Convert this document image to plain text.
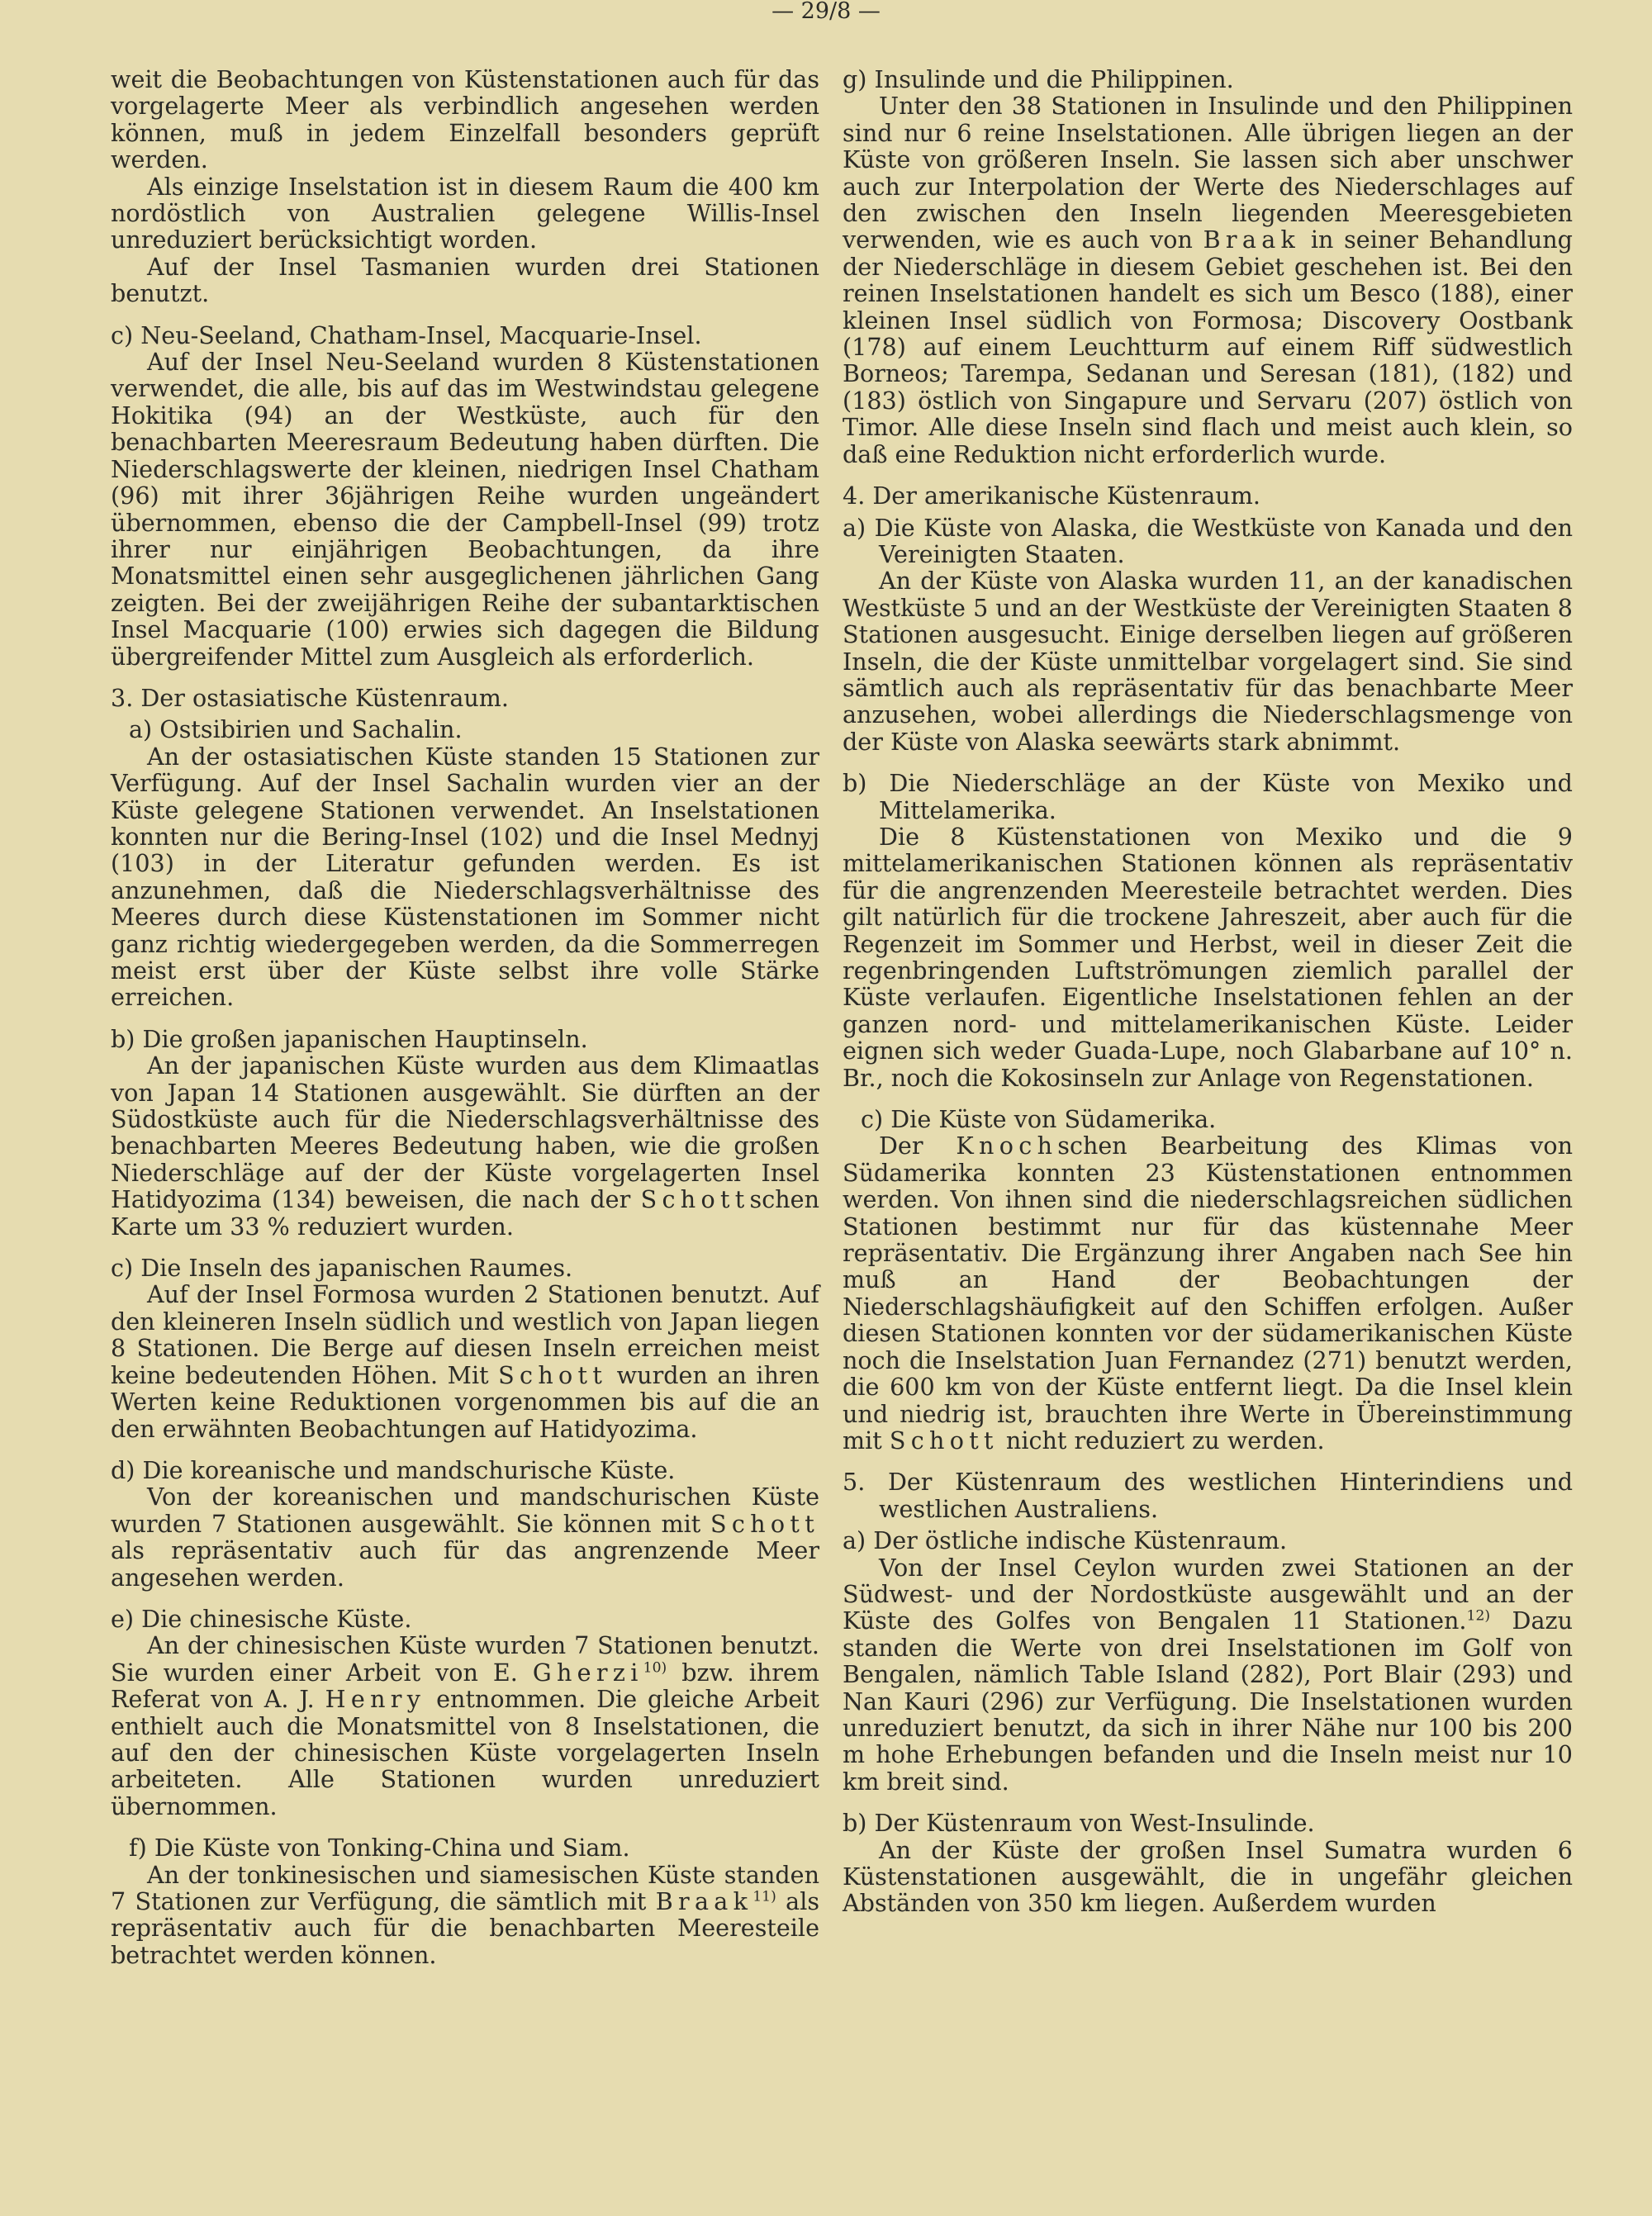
— 29/8 —

weit die Beobachtungen von Küstenstationen auch für das vorgelagerte Meer als verbindlich angesehen werden können, muß in jedem Einzelfall besonders geprüft werden.

Als einzige Inselstation ist in diesem Raum die 400 km nordöstlich von Australien gelegene Willis-Insel unreduziert berücksichtigt worden.

Auf der Insel Tasmanien wurden drei Stationen benutzt.

c) Neu-Seeland, Chatham-Insel, Macquarie-Insel.

Auf der Insel Neu-Seeland wurden 8 Küstenstationen verwendet, die alle, bis auf das im Westwindstau gelegene Hokitika (94) an der Westküste, auch für den benachbarten Meeresraum Bedeutung haben dürften. Die Niederschlagswerte der kleinen, niedrigen Insel Chatham (96) mit ihrer 36jährigen Reihe wurden ungeändert übernommen, ebenso die der Campbell-Insel (99) trotz ihrer nur einjährigen Beobachtungen, da ihre Monatsmittel einen sehr ausgeglichenen jährlichen Gang zeigten. Bei der zweijährigen Reihe der subantarktischen Insel Macquarie (100) erwies sich dagegen die Bildung übergreifender Mittel zum Ausgleich als erforderlich.

3. Der ostasiatische Küstenraum.

a) Ostsibirien und Sachalin.

An der ostasiatischen Küste standen 15 Stationen zur Verfügung. Auf der Insel Sachalin wurden vier an der Küste gelegene Stationen verwendet. An Inselstationen konnten nur die Bering-Insel (102) und die Insel Mednyj (103) in der Literatur gefunden werden. Es ist anzunehmen, daß die Niederschlagsverhältnisse des Meeres durch diese Küstenstationen im Sommer nicht ganz richtig wiedergegeben werden, da die Sommerregen meist erst über der Küste selbst ihre volle Stärke erreichen.

b) Die großen japanischen Hauptinseln.

An der japanischen Küste wurden aus dem Klimaatlas von Japan 14 Stationen ausgewählt. Sie dürften an der Südostküste auch für die Niederschlagsverhältnisse des benachbarten Meeres Bedeutung haben, wie die großen Niederschläge auf der der Küste vorgelagerten Insel Hatidyozima (134) beweisen, die nach der Schottschen Karte um 33 % reduziert wurden.

c) Die Inseln des japanischen Raumes.

Auf der Insel Formosa wurden 2 Stationen benutzt. Auf den kleineren Inseln südlich und westlich von Japan liegen 8 Stationen. Die Berge auf diesen Inseln erreichen meist keine bedeutenden Höhen. Mit Schott wurden an ihren Werten keine Reduktionen vorgenommen bis auf die an den erwähnten Beobachtungen auf Hatidyozima.

d) Die koreanische und mandschurische Küste.

Von der koreanischen und mandschurischen Küste wurden 7 Stationen ausgewählt. Sie können mit Schott als repräsentativ auch für das angrenzende Meer angesehen werden.

e) Die chinesische Küste.

An der chinesischen Küste wurden 7 Stationen benutzt. Sie wurden einer Arbeit von E. Gherzi$^{10)}$ bzw. ihrem Referat von A. J. Henry entnommen. Die gleiche Arbeit enthielt auch die Monatsmittel von 8 Inselstationen, die auf den der chinesischen Küste vorgelagerten Inseln arbeiteten. Alle Stationen wurden unreduziert übernommen.

f) Die Küste von Tonking-China und Siam.

An der tonkinesischen und siamesischen Küste standen 7 Stationen zur Verfügung, die sämtlich mit Braak$^{11)}$ als repräsentativ auch für die benachbarten Meeresteile betrachtet werden können.

g) Insulinde und die Philippinen.

Unter den 38 Stationen in Insulinde und den Philippinen sind nur 6 reine Inselstationen. Alle übrigen liegen an der Küste von größeren Inseln. Sie lassen sich aber unschwer auch zur Interpolation der Werte des Niederschlages auf den zwischen den Inseln liegenden Meeresgebieten verwenden, wie es auch von Braak in seiner Behandlung der Niederschläge in diesem Gebiet geschehen ist. Bei den reinen Inselstationen handelt es sich um Besco (188), einer kleinen Insel südlich von Formosa; Discovery Oostbank (178) auf einem Leuchtturm auf einem Riff südwestlich Borneos; Tarempa, Sedanan und Seresan (181), (182) und (183) östlich von Singapure und Servaru (207) östlich von Timor. Alle diese Inseln sind flach und meist auch klein, so daß eine Reduktion nicht erforderlich wurde.

4. Der amerikanische Küstenraum.

a) Die Küste von Alaska, die Westküste von Kanada und den Vereinigten Staaten.

An der Küste von Alaska wurden 11, an der kanadischen Westküste 5 und an der Westküste der Vereinigten Staaten 8 Stationen ausgesucht. Einige derselben liegen auf größeren Inseln, die der Küste unmittelbar vorgelagert sind. Sie sind sämtlich auch als repräsentativ für das benachbarte Meer anzusehen, wobei allerdings die Niederschlagsmenge von der Küste von Alaska seewärts stark abnimmt.

b) Die Niederschläge an der Küste von Mexiko und Mittelamerika.

Die 8 Küstenstationen von Mexiko und die 9 mittelamerikanischen Stationen können als repräsentativ für die angrenzenden Meeresteile betrachtet werden. Dies gilt natürlich für die trockene Jahreszeit, aber auch für die Regenzeit im Sommer und Herbst, weil in dieser Zeit die regenbringenden Luftströmungen ziemlich parallel der Küste verlaufen. Eigentliche Inselstationen fehlen an der ganzen nord- und mittelamerikanischen Küste. Leider eignen sich weder Guada-Lupe, noch Glabarbane auf 10° n. Br., noch die Kokosinseln zur Anlage von Regenstationen.

c) Die Küste von Südamerika.

Der Knochschen Bearbeitung des Klimas von Südamerika konnten 23 Küstenstationen entnommen werden. Von ihnen sind die niederschlagsreichen südlichen Stationen bestimmt nur für das küstennahe Meer repräsentativ. Die Ergänzung ihrer Angaben nach See hin muß an Hand der Beobachtungen der Niederschlagshäufigkeit auf den Schiffen erfolgen. Außer diesen Stationen konnten vor der südamerikanischen Küste noch die Inselstation Juan Fernandez (271) benutzt werden, die 600 km von der Küste entfernt liegt. Da die Insel klein und niedrig ist, brauchten ihre Werte in Übereinstimmung mit Schott nicht reduziert zu werden.

5. Der Küstenraum des westlichen Hinterindiens und westlichen Australiens.

a) Der östliche indische Küstenraum.

Von der Insel Ceylon wurden zwei Stationen an der Südwest- und der Nordostküste ausgewählt und an der Küste des Golfes von Bengalen 11 Stationen.$^{12)}$ Dazu standen die Werte von drei Inselstationen im Golf von Bengalen, nämlich Table Island (282), Port Blair (293) und Nan Kauri (296) zur Verfügung. Die Inselstationen wurden unreduziert benutzt, da sich in ihrer Nähe nur 100 bis 200 m hohe Erhebungen befanden und die Inseln meist nur 10 km breit sind.

b) Der Küstenraum von West-Insulinde.

An der Küste der großen Insel Sumatra wurden 6 Küstenstationen ausgewählt, die in ungefähr gleichen Abständen von 350 km liegen. Außerdem wurden
